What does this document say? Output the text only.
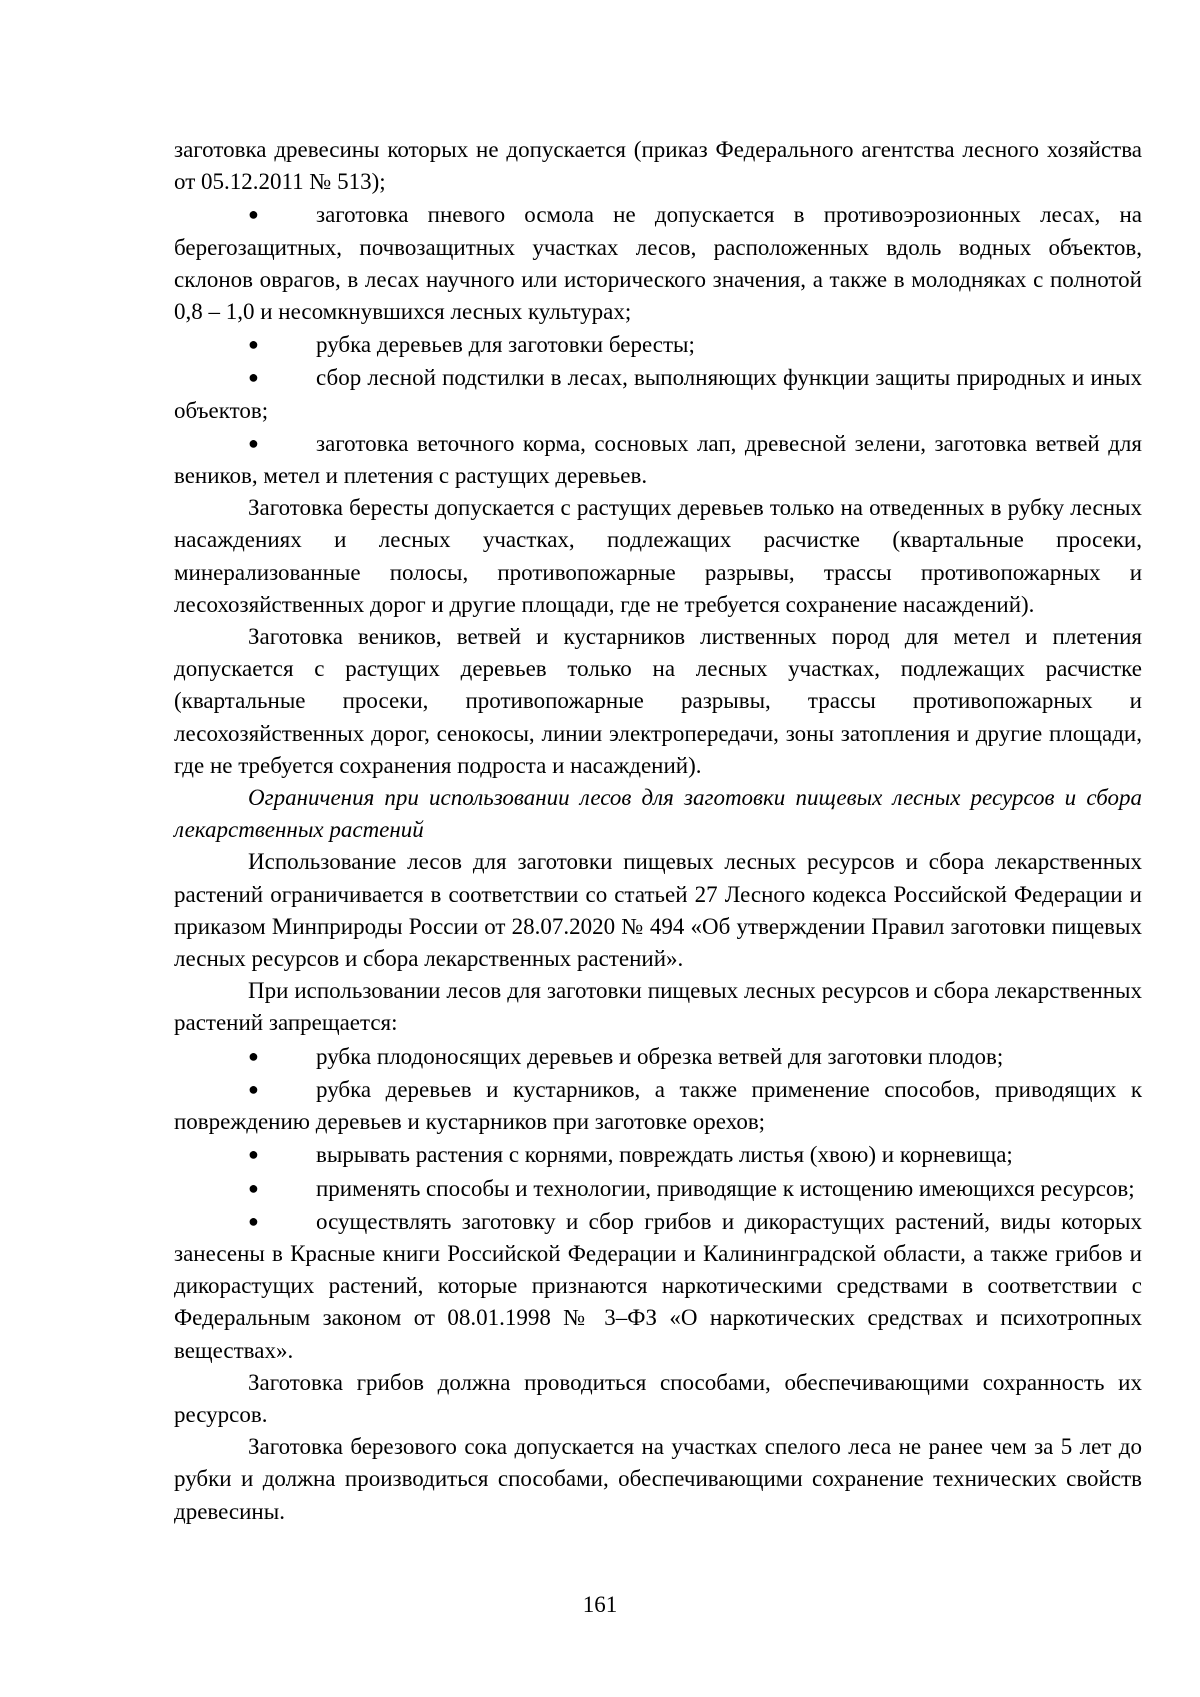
заготовка древесины которых не допускается (приказ Федерального агентства лесного хозяйства от 05.12.2011 № 513);

● заготовка пневого осмола не допускается в противоэрозионных лесах, на берегозащитных, почвозащитных участках лесов, расположенных вдоль водных объектов, склонов оврагов, в лесах научного или исторического значения, а также в молодняках с полнотой 0,8 – 1,0 и несомкнувшихся лесных культурах;

● рубка деревьев для заготовки бересты;

● сбор лесной подстилки в лесах, выполняющих функции защиты природных и иных объектов;

● заготовка веточного корма, сосновых лап, древесной зелени, заготовка ветвей для веников, метел и плетения с растущих деревьев.

Заготовка бересты допускается с растущих деревьев только на отведенных в рубку лесных насаждениях и лесных участках, подлежащих расчистке (квартальные просеки, минерализованные полосы, противопожарные разрывы, трассы противопожарных и лесохозяйственных дорог и другие площади, где не требуется сохранение насаждений).

Заготовка веников, ветвей и кустарников лиственных пород для метел и плетения допускается с растущих деревьев только на лесных участках, подлежащих расчистке (квартальные просеки, противопожарные разрывы, трассы противопожарных и лесохозяйственных дорог, сенокосы, линии электропередачи, зоны затопления и другие площади, где не требуется сохранения подроста и насаждений).

Ограничения при использовании лесов для заготовки пищевых лесных ресурсов и сбора лекарственных растений

Использование лесов для заготовки пищевых лесных ресурсов и сбора лекарственных растений ограничивается в соответствии со статьей 27 Лесного кодекса Российской Федерации и приказом Минприроды России от 28.07.2020 № 494 «Об утверждении Правил заготовки пищевых лесных ресурсов и сбора лекарственных растений».

При использовании лесов для заготовки пищевых лесных ресурсов и сбора лекарственных растений запрещается:

● рубка плодоносящих деревьев и обрезка ветвей для заготовки плодов;

● рубка деревьев и кустарников, а также применение способов, приводящих к повреждению деревьев и кустарников при заготовке орехов;

● вырывать растения с корнями, повреждать листья (хвою) и корневища;

● применять способы и технологии, приводящие к истощению имеющихся ресурсов;

● осуществлять заготовку и сбор грибов и дикорастущих растений, виды которых занесены в Красные книги Российской Федерации и Калининградской области, а также грибов и дикорастущих растений, которые признаются наркотическими средствами в соответствии с Федеральным законом от 08.01.1998 № 3–ФЗ «О наркотических средствах и психотропных веществах».

Заготовка грибов должна проводиться способами, обеспечивающими сохранность их ресурсов.

Заготовка березового сока допускается на участках спелого леса не ранее чем за 5 лет до рубки и должна производиться способами, обеспечивающими сохранение технических свойств древесины.

161
